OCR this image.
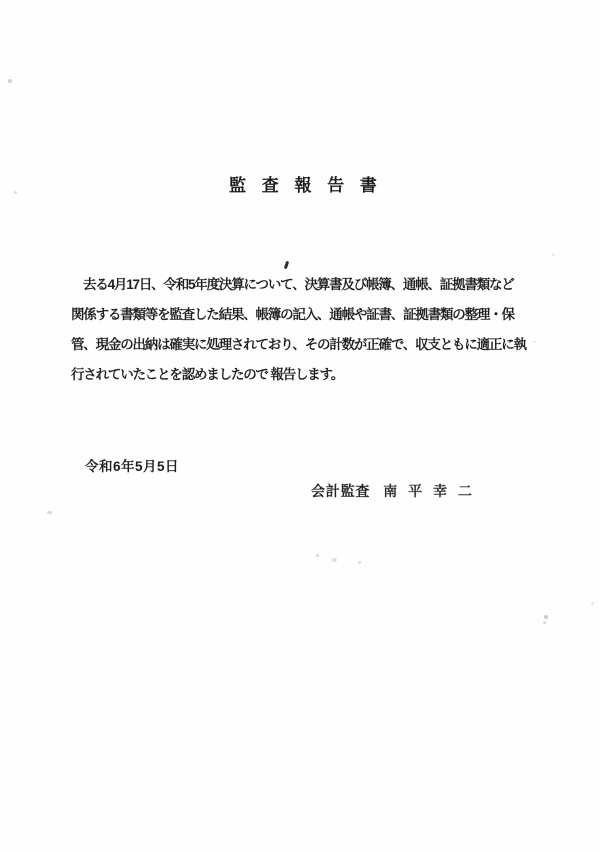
監 査 報 告 書

去る4月17日、令和5年度決算について、決算書及び帳簿、通帳、証拠書類など

関係する書類等を監査した結果、帳簿の記入、通帳や証書、証拠書類の整理・保

管、現金の出納は確実に処理されており、その計数が正確で、収支ともに適正に執

行されていたことを認めましたので 報告します。

令和6年5月5日
会計監査 南 平 幸 二
